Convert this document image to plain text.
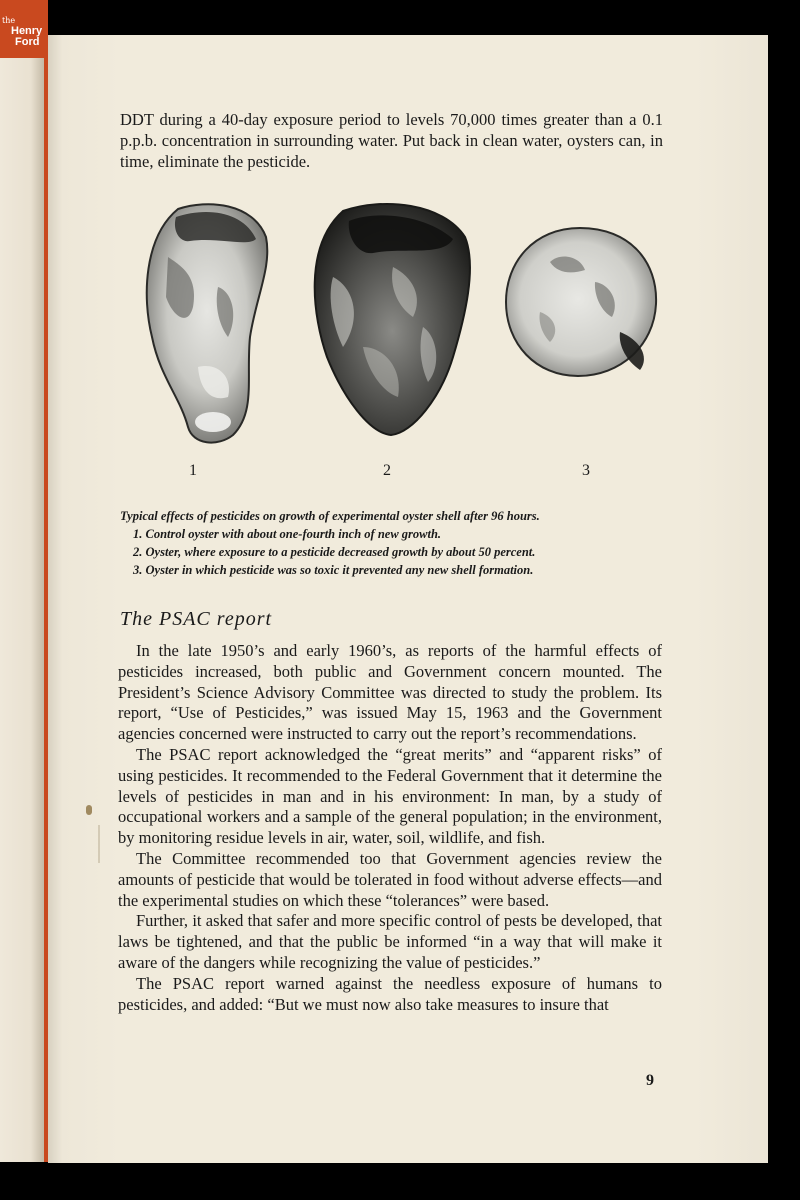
the
Henry
Ford

DDT during a 40-day exposure period to levels 70,000 times greater than a 0.1 p.p.b. concentration in surrounding water. Put back in clean water, oysters can, in time, eliminate the pesticide.

1	2	3
Typical effects of pesticides on growth of experimental oyster shell after 96 hours.
1. Control oyster with about one-fourth inch of new growth.
2. Oyster, where exposure to a pesticide decreased growth by about 50 percent.
3. Oyster in which pesticide was so toxic it prevented any new shell formation.
The PSAC report

In the late 1950’s and early 1960’s, as reports of the harmful effects of pesticides increased, both public and Government concern mounted. The President’s Science Advisory Committee was directed to study the problem. Its report, “Use of Pesticides,” was issued May 15, 1963 and the Government agencies concerned were instructed to carry out the report’s recommendations.

The PSAC report acknowledged the “great merits” and “apparent risks” of using pesticides. It recommended to the Federal Government that it determine the levels of pesticides in man and in his environment: In man, by a study of occupational workers and a sample of the general population; in the environment, by monitoring residue levels in air, water, soil, wildlife, and fish.

The Committee recommended too that Government agencies review the amounts of pesticide that would be tolerated in food without adverse effects—and the experimental studies on which these “tolerances” were based.

Further, it asked that safer and more specific control of pests be developed, that laws be tightened, and that the public be informed “in a way that will make it aware of the dangers while recognizing the value of pesticides.”

The PSAC report warned against the needless exposure of humans to pesticides, and added: “But we must now also take measures to insure that

9
